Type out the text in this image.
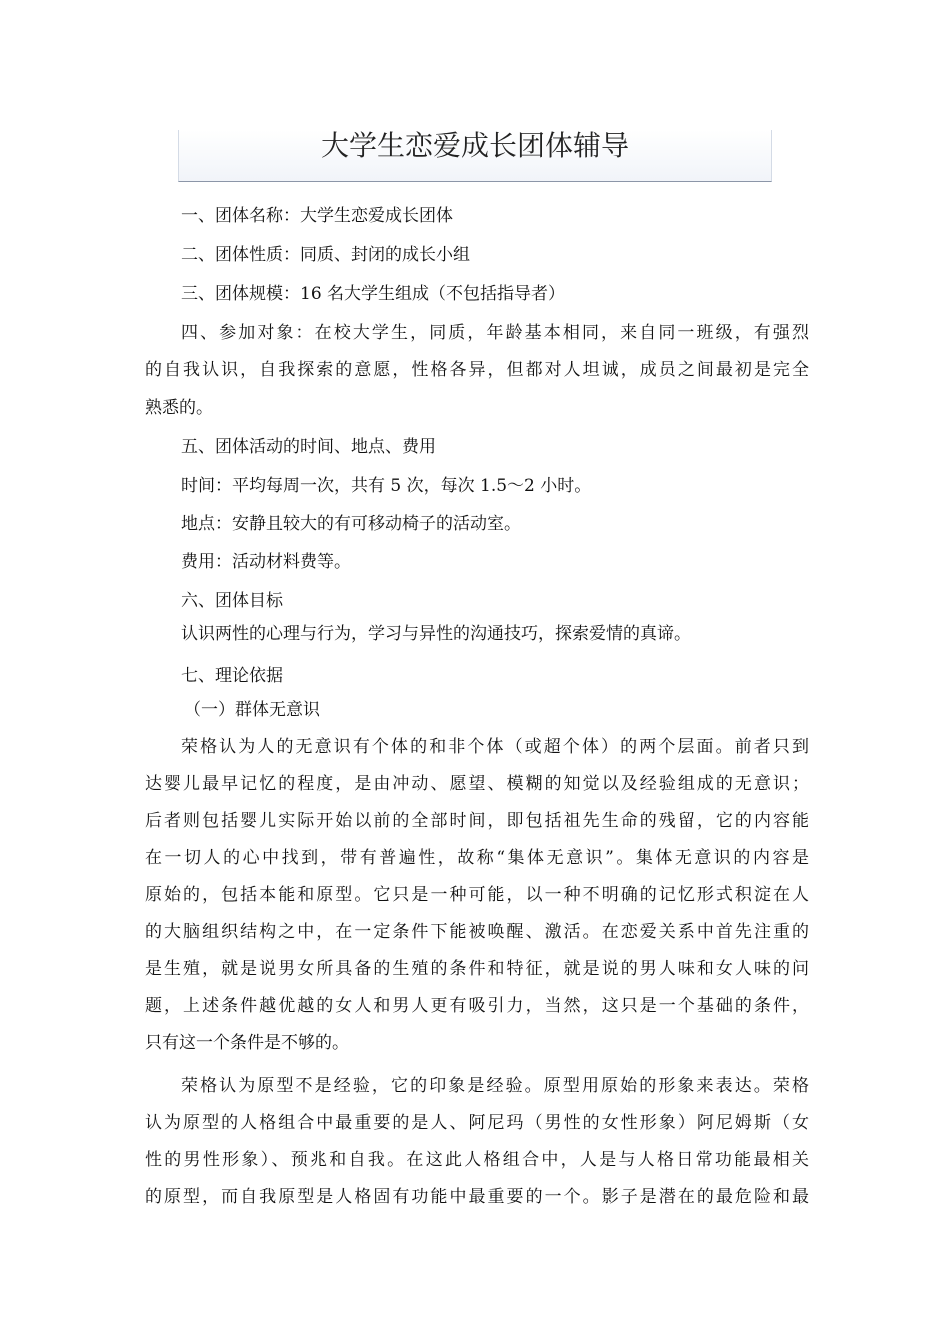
大学生恋爱成长团体辅导
一、团体名称：大学生恋爱成长团体
二、团体性质：同质、封闭的成长小组
三、团体规模：16 名大学生组成（不包括指导者）
四、参加对象：在校大学生，同质，年龄基本相同，来自同一班级，有强烈
的自我认识，自我探索的意愿，性格各异，但都对人坦诚，成员之间最初是完全
熟悉的。
五、团体活动的时间、地点、费用
时间：平均每周一次，共有 5 次，每次 1.5～2 小时。
地点：安静且较大的有可移动椅子的活动室。
费用：活动材料费等。
六、团体目标
认识两性的心理与行为，学习与异性的沟通技巧，探索爱情的真谛。
七、理论依据
（一）群体无意识
荣格认为人的无意识有个体的和非个体（或超个体）的两个层面。前者只到
达婴儿最早记忆的程度，是由冲动、愿望、模糊的知觉以及经验组成的无意识；
后者则包括婴儿实际开始以前的全部时间，即包括祖先生命的残留，它的内容能
在一切人的心中找到，带有普遍性，故称“集体无意识”。集体无意识的内容是
原始的，包括本能和原型。它只是一种可能，以一种不明确的记忆形式积淀在人
的大脑组织结构之中，在一定条件下能被唤醒、激活。在恋爱关系中首先注重的
是生殖，就是说男女所具备的生殖的条件和特征，就是说的男人味和女人味的问
题，上述条件越优越的女人和男人更有吸引力，当然，这只是一个基础的条件，
只有这一个条件是不够的。
荣格认为原型不是经验，它的印象是经验。原型用原始的形象来表达。荣格
认为原型的人格组合中最重要的是人、阿尼玛（男性的女性形象）阿尼姆斯（女
性的男性形象）、预兆和自我。在这此人格组合中，人是与人格日常功能最相关
的原型，而自我原型是人格固有功能中最重要的一个。影子是潜在的最危险和最
